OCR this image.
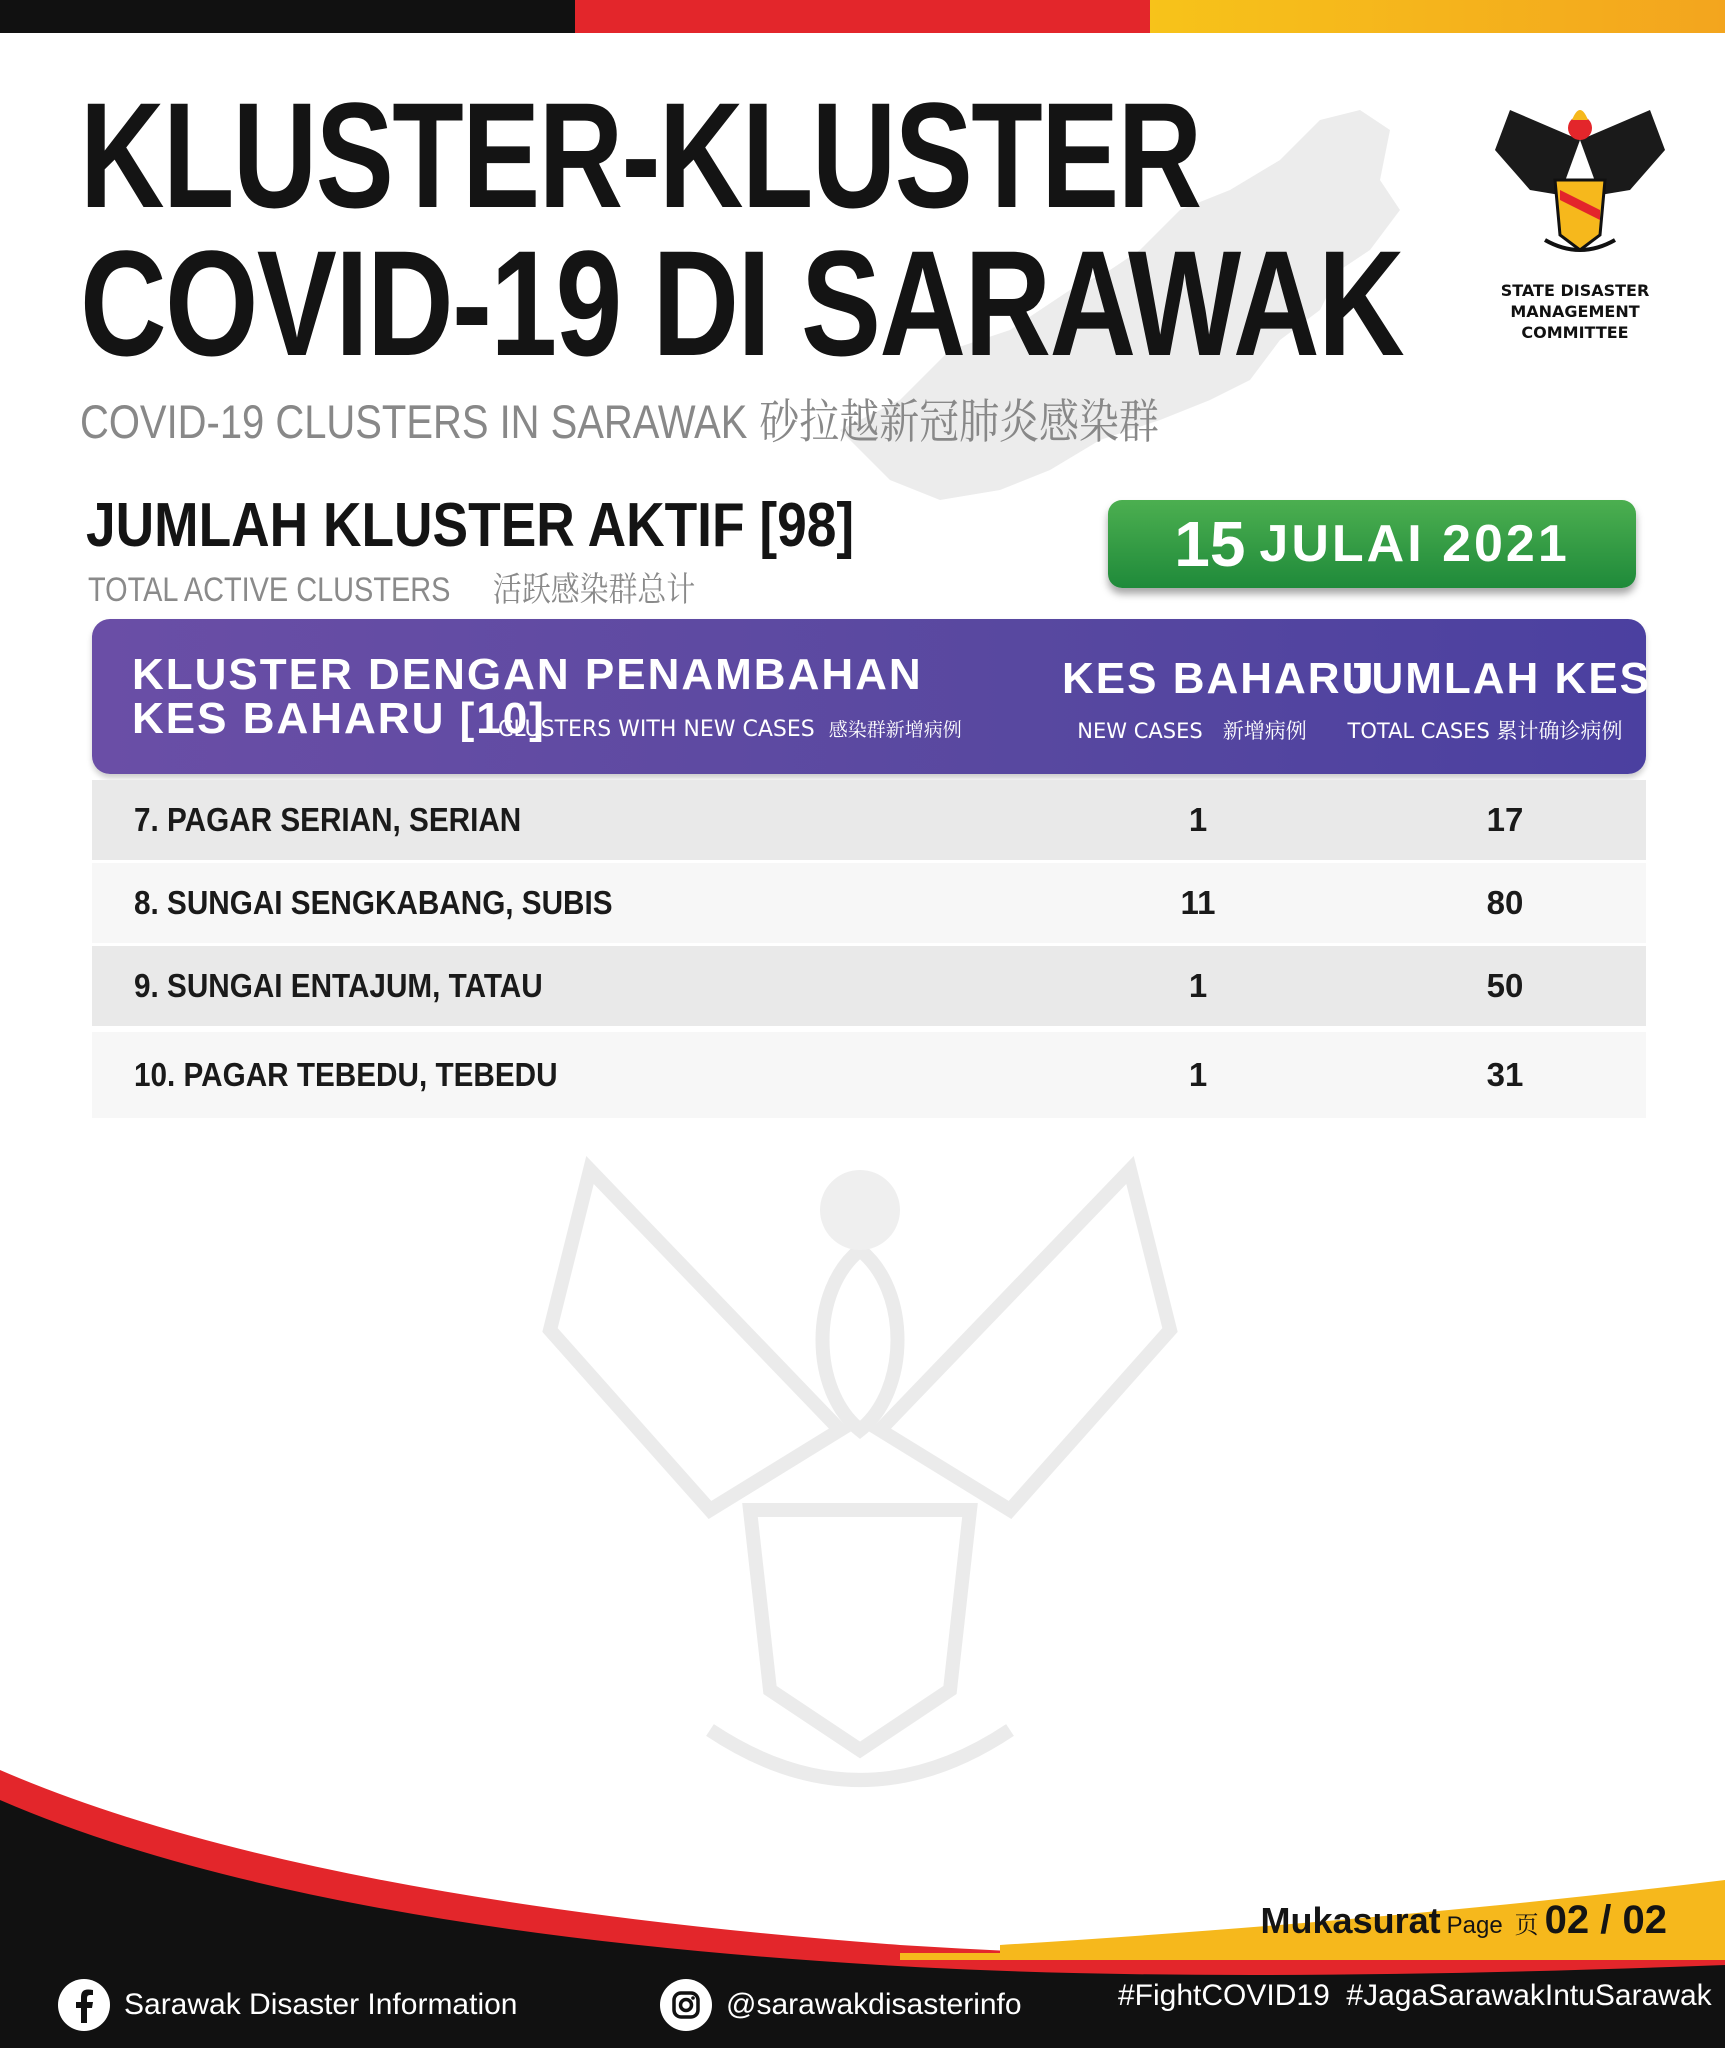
KLUSTER-KLUSTER
COVID-19 DI SARAWAK
COVID-19 CLUSTERS IN SARAWAK 砂拉越新冠肺炎感染群
STATE DISASTER
MANAGEMENT COMMITTEE
JUMLAH KLUSTER AKTIF [98]
TOTAL ACTIVE CLUSTERS 活跃感染群总计
15 JULAI 2021
KLUSTER DENGAN PENAMBAHAN
KES BAHARU [10]
CLUSTERS WITH NEW CASES 感染群新增病例
KES BAHARU
NEW CASES 新增病例
JUMLAH KES
TOTAL CASES 累计确诊病例
7. PAGAR SERIAN, SERIAN	1	17
8. SUNGAI SENGKABANG, SUBIS	11	80
9. SUNGAI ENTAJUM, TATAU	1	50
10. PAGAR TEBEDU, TEBEDU	1	31
Mukasurat Page 页 02 / 02
Sarawak Disaster Information	@sarawakdisasterinfo	#FightCOVID19  #JagaSarawakIntuSarawak
